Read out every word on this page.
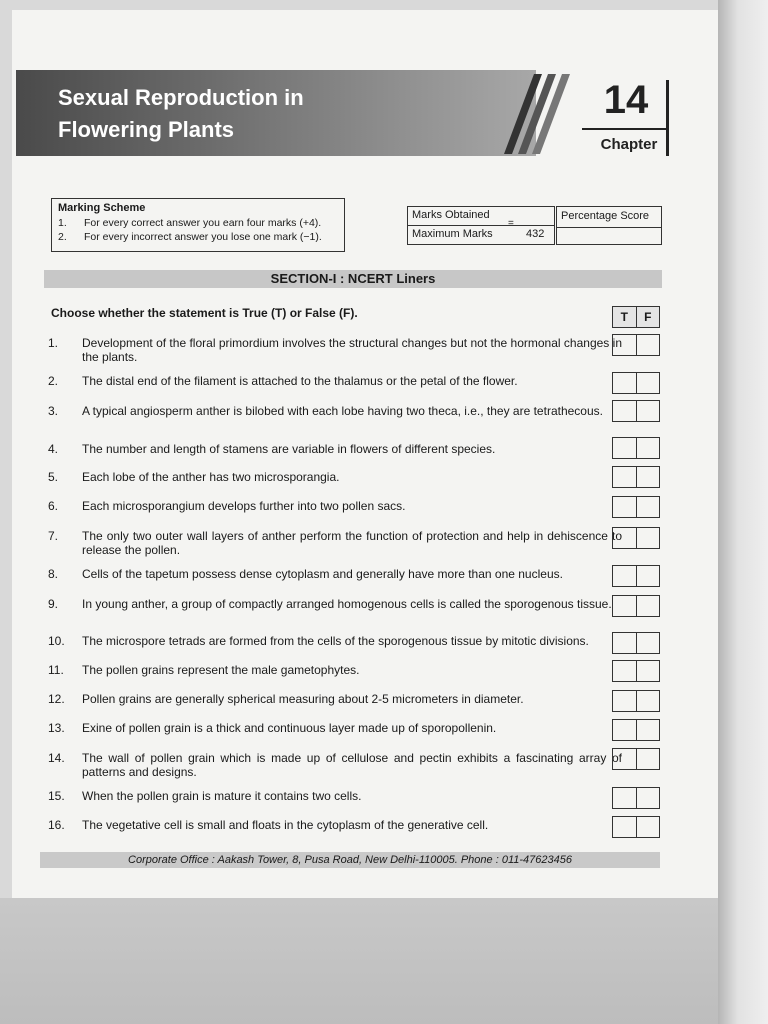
Sexual Reproduction in
Flowering Plants
14
Chapter
Marking Scheme
1.	For every correct answer you earn four marks (+4).
2.	For every incorrect answer you lose one mark (−1).
Marks Obtained
=
Maximum Marks	432
Percentage Score
SECTION-I : NCERT Liners
Choose whether the statement is True (T) or False (F).	T	F
1.	Development of the floral primordium involves the structural changes but not the hormonal changes in the plants.
2.	The distal end of the filament is attached to the thalamus or the petal of the flower.
3.	A typical angiosperm anther is bilobed with each lobe having two theca, i.e., they are tetrathecous.
4.	The number and length of stamens are variable in flowers of different species.
5.	Each lobe of the anther has two microsporangia.
6.	Each microsporangium develops further into two pollen sacs.
7.	The only two outer wall layers of anther perform the function of protection and help in dehiscence to release the pollen.
8.	Cells of the tapetum possess dense cytoplasm and generally have more than one nucleus.
9.	In young anther, a group of compactly arranged homogenous cells is called the sporogenous tissue.
10.	The microspore tetrads are formed from the cells of the sporogenous tissue by mitotic divisions.
11.	The pollen grains represent the male gametophytes.
12.	Pollen grains are generally spherical measuring about 2-5 micrometers in diameter.
13.	Exine of pollen grain is a thick and continuous layer made up of sporopollenin.
14.	The wall of pollen grain which is made up of cellulose and pectin exhibits a fascinating array of patterns and designs.
15.	When the pollen grain is mature it contains two cells.
16.	The vegetative cell is small and floats in the cytoplasm of the generative cell.
Corporate Office : Aakash Tower, 8, Pusa Road, New Delhi-110005. Phone : 011-47623456
